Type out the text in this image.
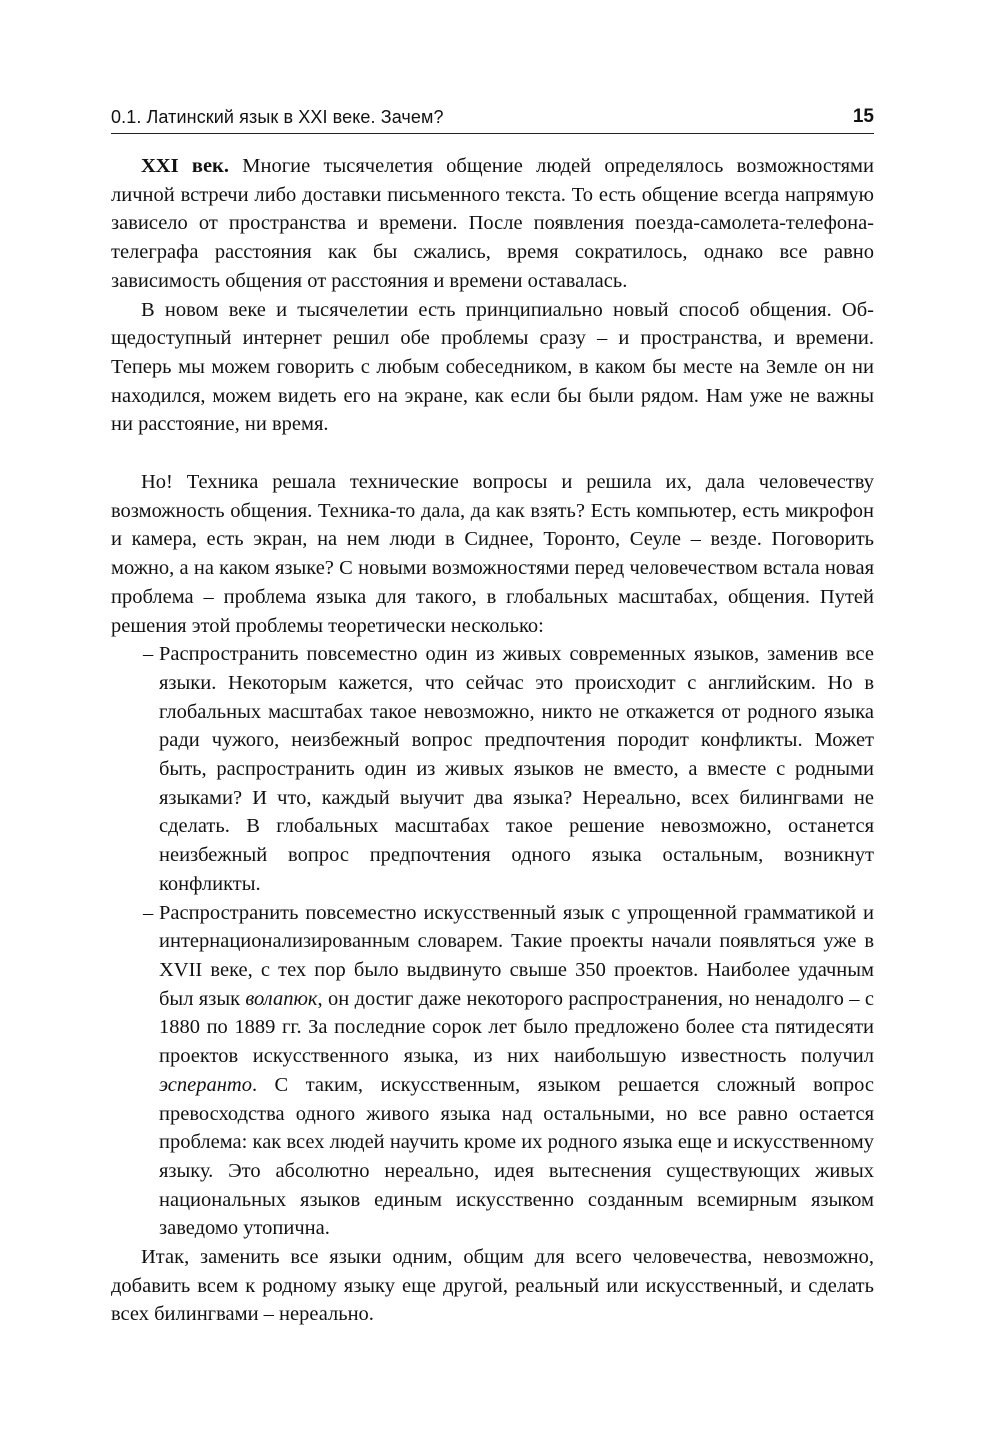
0.1. Латинский язык в XXI веке. Зачем?	15

XXI век. Многие тысячелетия общение людей определялось возможностями личной встречи либо доставки письменного текста. То есть общение всегда напрямую зависело от пространства и времени. После появления поезда-самолета-телефона-телеграфа расстояния как бы сжались, время сократилось, однако все равно зависимость общения от расстояния и времени оставалась.

В новом веке и тысячелетии есть принципиально новый способ общения. Общедоступный интернет решил обе проблемы сразу – и пространства, и времени. Теперь мы можем говорить с любым собеседником, в каком бы месте на Земле он ни находился, можем видеть его на экране, как если бы были рядом. Нам уже не важны ни расстояние, ни время.

Но! Техника решала технические вопросы и решила их, дала человечеству возможность общения. Техника-то дала, да как взять? Есть компьютер, есть микрофон и камера, есть экран, на нем люди в Сиднее, Торонто, Сеуле – везде. Поговорить можно, а на каком языке? С новыми возможностями перед человечеством встала новая проблема – проблема языка для такого, в глобальных масштабах, общения. Путей решения этой проблемы теоретически несколько:

– Распространить повсеместно один из живых современных языков, заменив все языки. Некоторым кажется, что сейчас это происходит с английским. Но в глобальных масштабах такое невозможно, никто не откажется от родного языка ради чужого, неизбежный вопрос предпочтения породит конфликты. Может быть, распространить один из живых языков не вместо, а вместе с родными языками? И что, каждый выучит два языка? Нереально, всех билингвами не сделать. В глобальных масштабах такое решение невозможно, останется неизбежный вопрос предпочтения одного языка остальным, возникнут конфликты.
– Распространить повсеместно искусственный язык с упрощенной грамматикой и интернационализированным словарем. Такие проекты начали появляться уже в XVII веке, с тех пор было выдвинуто свыше 350 проектов. Наиболее удачным был язык волапюк, он достиг даже некоторого распространения, но ненадолго – с 1880 по 1889 гг. За последние сорок лет было предложено более ста пятидесяти проектов искусственного языка, из них наибольшую известность получил эсперанто. С таким, искусственным, языком решается сложный вопрос превосходства одного живого языка над остальными, но все равно остается проблема: как всех людей научить кроме их родного языка еще и искусственному языку. Это абсолютно нереально, идея вытеснения существующих живых национальных языков единым искусственно созданным всемирным языком заведомо утопична.

Итак, заменить все языки одним, общим для всего человечества, невозможно, добавить всем к родному языку еще другой, реальный или искусственный, и сделать всех билингвами – нереально.
